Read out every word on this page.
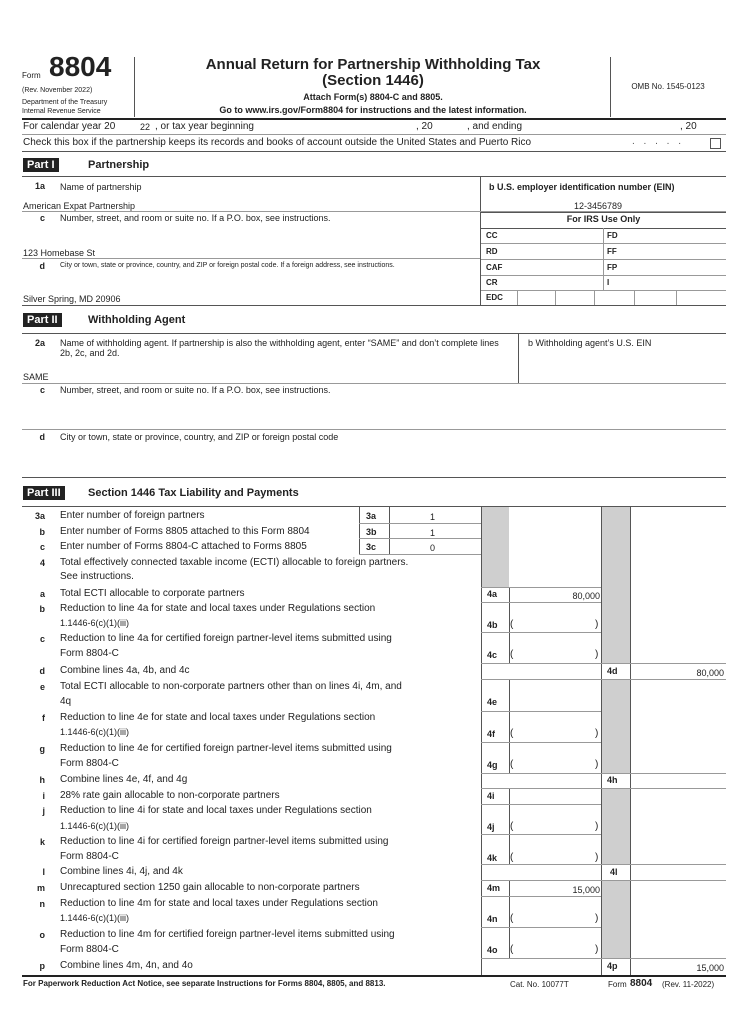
Form 8804
(Rev. November 2022)
Department of the Treasury
Internal Revenue Service
Annual Return for Partnership Withholding Tax
(Section 1446)
Attach Form(s) 8804-C and 8805.
Go to www.irs.gov/Form8804 for instructions and the latest information.
OMB No. 1545-0123
For calendar year 20	22 , or tax year beginning	, 20	, and ending	, 20
Check this box if the partnership keeps its records and books of account outside the United States and Puerto Rico	. . . . .
Part I	Partnership
1a Name of partnership
American Expat Partnership
b U.S. employer identification number (EIN)
12-3456789
c Number, street, and room or suite no. If a P.O. box, see instructions.
123 Homebase St
d City or town, state or province, country, and ZIP or foreign postal code. If a foreign address, see instructions.
Silver Spring, MD 20906
For IRS Use Only
CC	FD
RD	FF
CAF	FP
CR	I
EDC
Part II	Withholding Agent
2a Name of withholding agent. If partnership is also the withholding agent, enter “SAME” and don’t complete lines 2b, 2c, and 2d.
SAME
b Withholding agent’s U.S. EIN
c Number, street, and room or suite no. If a P.O. box, see instructions.
d City or town, state or province, country, and ZIP or foreign postal code
Part III	Section 1446 Tax Liability and Payments
3a Enter number of foreign partners	3a	1
b Enter number of Forms 8805 attached to this Form 8804	3b	1
c Enter number of Forms 8804-C attached to Forms 8805	3c	0
4 Total effectively connected taxable income (ECTI) allocable to foreign partners.
See instructions.
a Total ECTI allocable to corporate partners	4a	80,000
b Reduction to line 4a for state and local taxes under Regulations section
1.1446-6(c)(1)(iii)	4b (	)
c Reduction to line 4a for certified foreign partner-level items submitted using
Form 8804-C	4c (	)
d Combine lines 4a, 4b, and 4c	4d	80,000
e Total ECTI allocable to non-corporate partners other than on lines 4i, 4m, and
4q	4e
f Reduction to line 4e for state and local taxes under Regulations section
1.1446-6(c)(1)(iii)	4f (	)
g Reduction to line 4e for certified foreign partner-level items submitted using
Form 8804-C	4g (	)
h Combine lines 4e, 4f, and 4g	4h
i 28% rate gain allocable to non-corporate partners	4i
j Reduction to line 4i for state and local taxes under Regulations section
1.1446-6(c)(1)(iii)	4j (	)
k Reduction to line 4i for certified foreign partner-level items submitted using
Form 8804-C	4k (	)
l Combine lines 4i, 4j, and 4k	4l
m Unrecaptured section 1250 gain allocable to non-corporate partners	4m	15,000
n Reduction to line 4m for state and local taxes under Regulations section
1.1446-6(c)(1)(iii)	4n (	)
o Reduction to line 4m for certified foreign partner-level items submitted using
Form 8804-C	4o (	)
p Combine lines 4m, 4n, and 4o	4p	15,000
For Paperwork Reduction Act Notice, see separate Instructions for Forms 8804, 8805, and 8813.	Cat. No. 10077T	Form 8804 (Rev. 11-2022)
